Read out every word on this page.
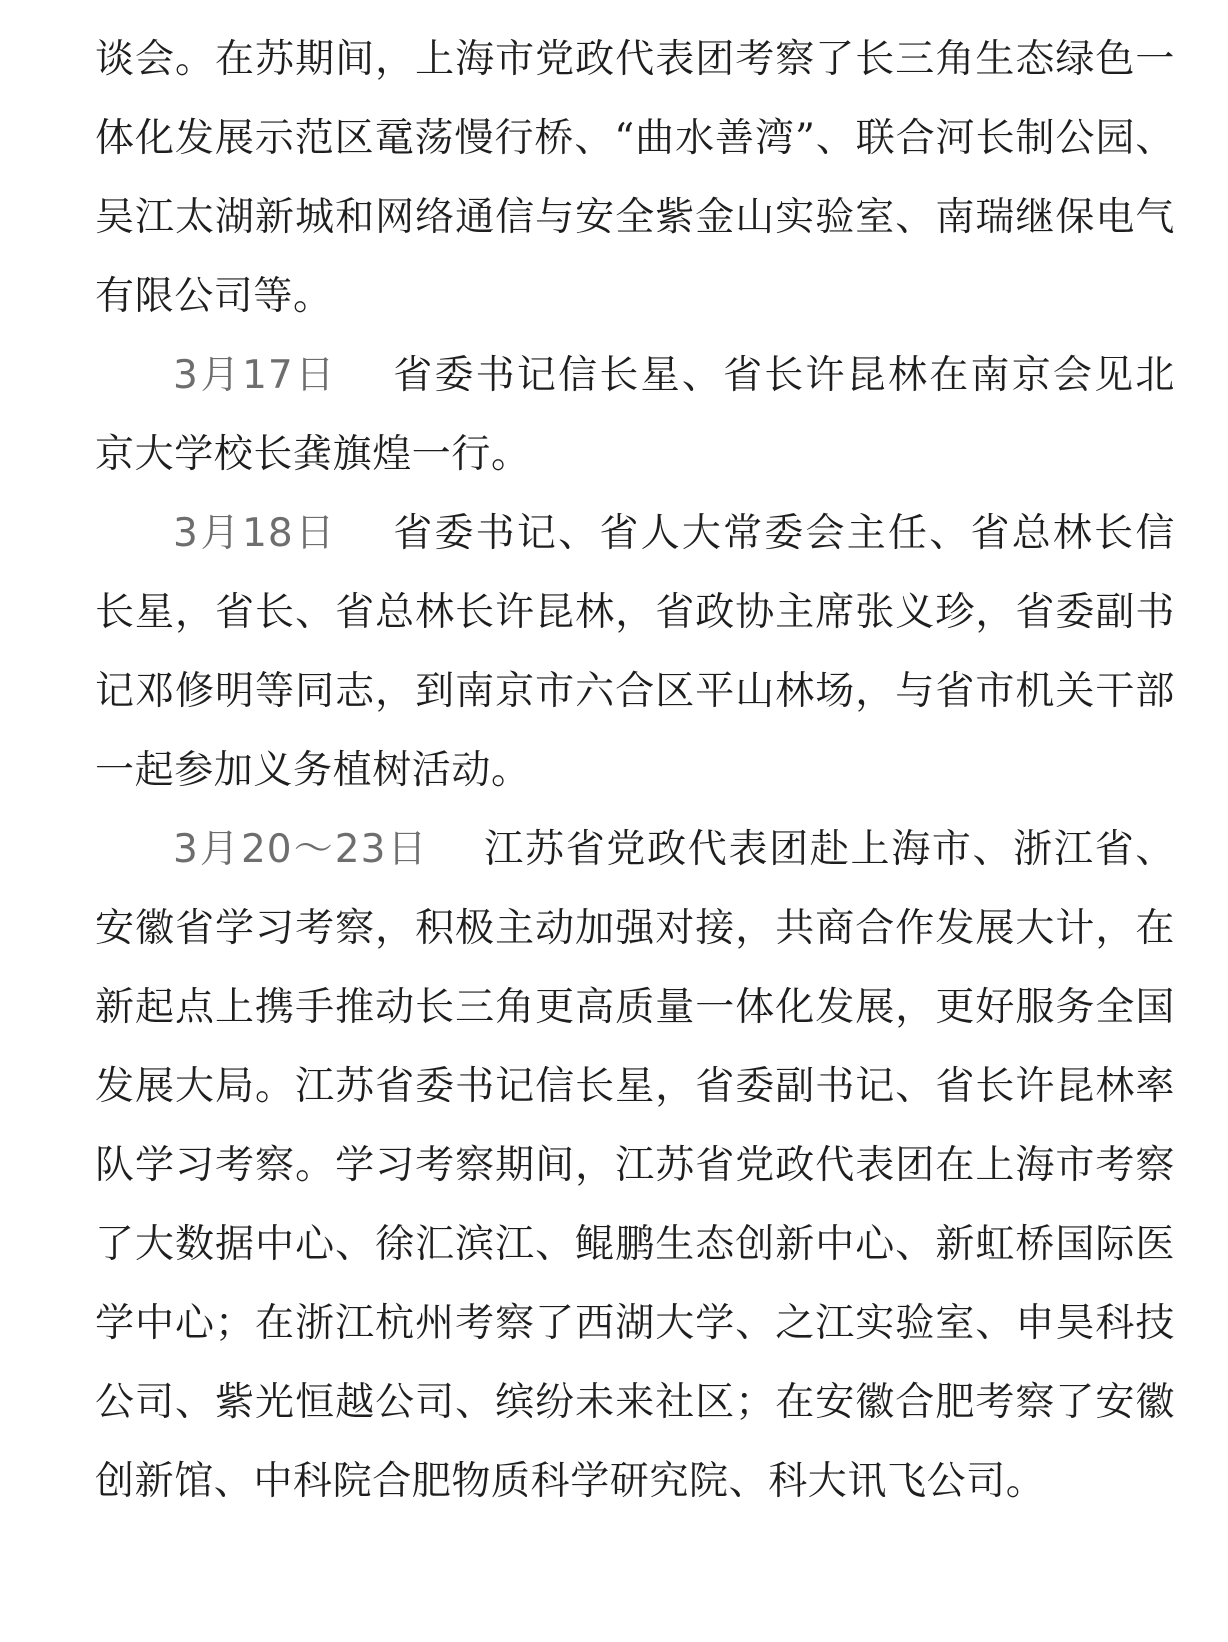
谈会。在苏期间，上海市党政代表团考察了长三角生态绿色一体化发展示范区鼋荡慢行桥、“曲水善湾”、联合河长制公园、吴江太湖新城和网络通信与安全紫金山实验室、南瑞继保电气有限公司等。

3月17日 省委书记信长星、省长许昆林在南京会见北京大学校长龚旗煌一行。

3月18日 省委书记、省人大常委会主任、省总林长信长星，省长、省总林长许昆林，省政协主席张义珍，省委副书记邓修明等同志，到南京市六合区平山林场，与省市机关干部一起参加义务植树活动。

3月20～23日 江苏省党政代表团赴上海市、浙江省、安徽省学习考察，积极主动加强对接，共商合作发展大计，在新起点上携手推动长三角更高质量一体化发展，更好服务全国发展大局。江苏省委书记信长星，省委副书记、省长许昆林率队学习考察。学习考察期间，江苏省党政代表团在上海市考察了大数据中心、徐汇滨江、鲲鹏生态创新中心、新虹桥国际医学中心；在浙江杭州考察了西湖大学、之江实验室、申昊科技公司、紫光恒越公司、缤纷未来社区；在安徽合肥考察了安徽创新馆、中科院合肥物质科学研究院、科大讯飞公司。
